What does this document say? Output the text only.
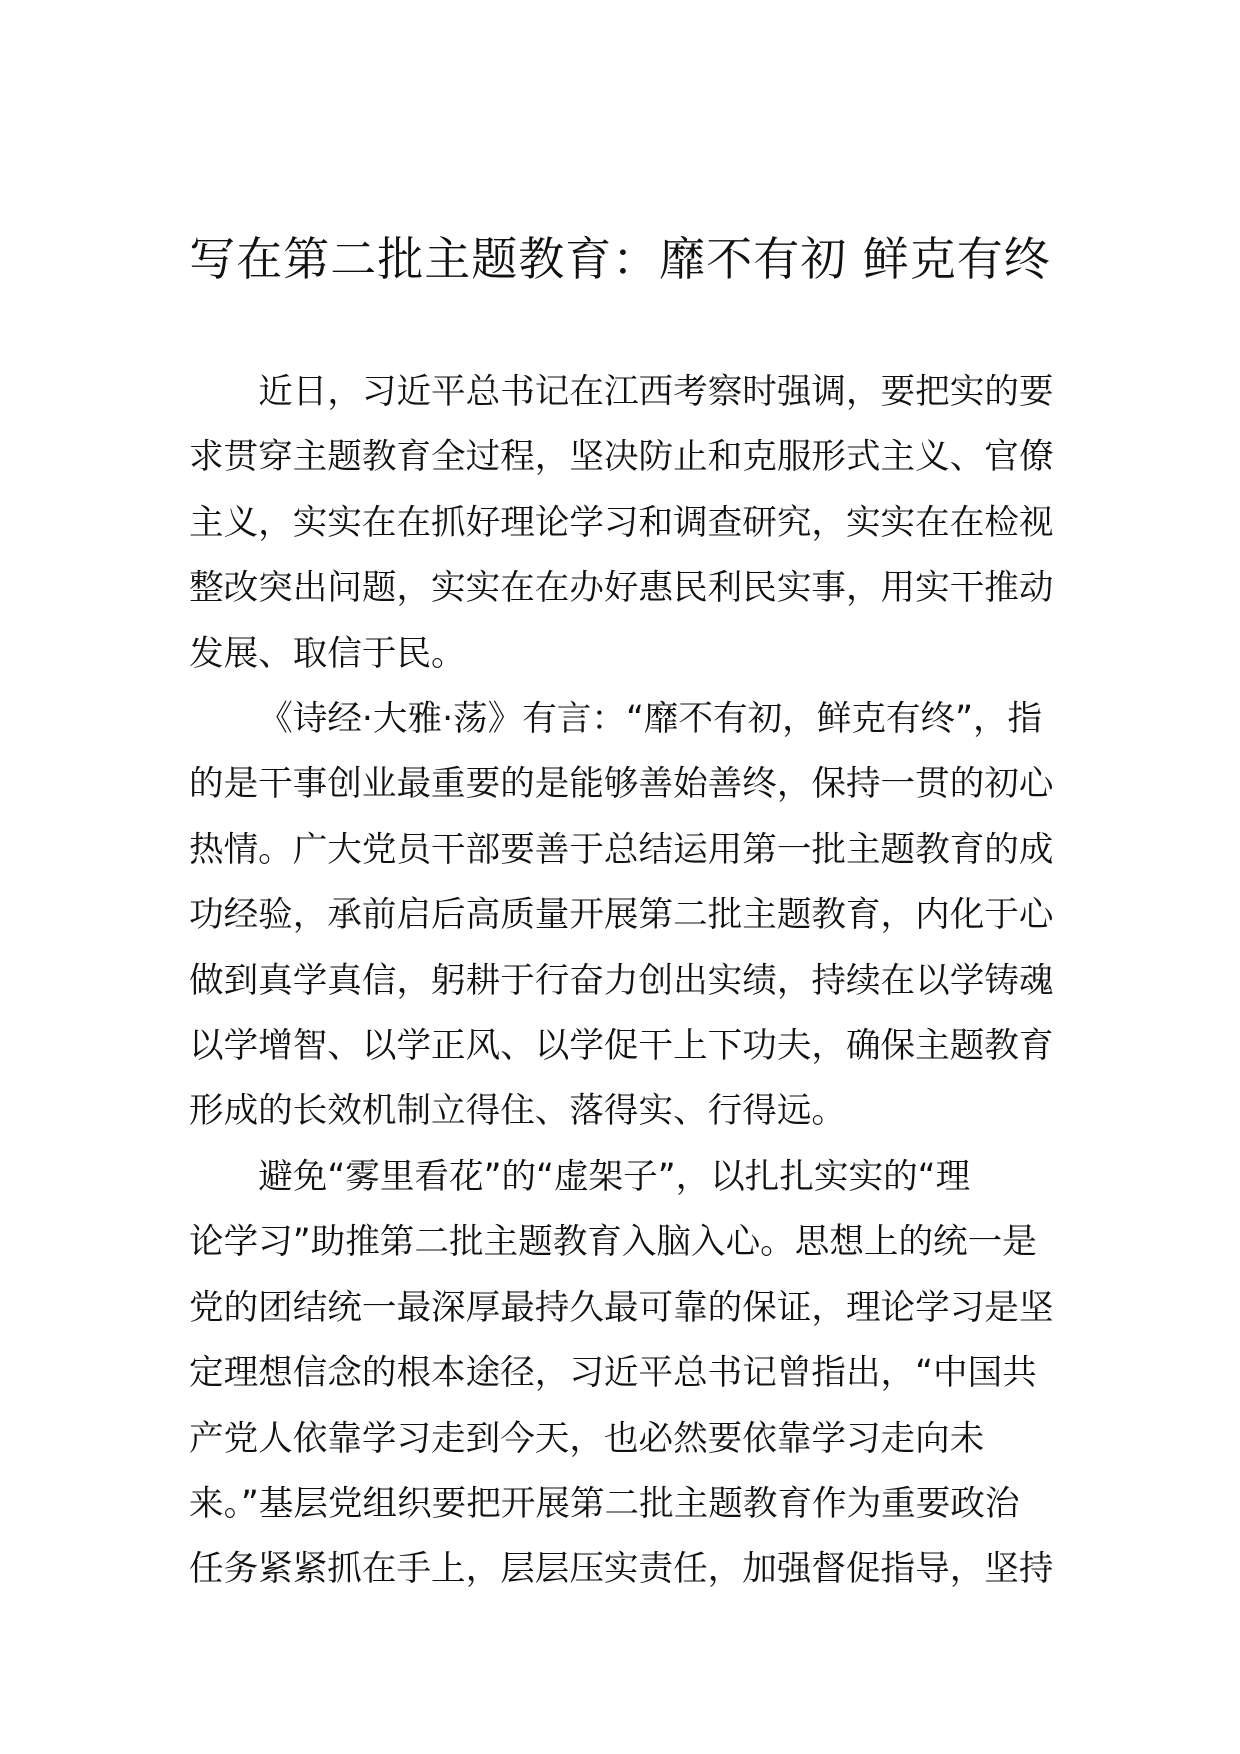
写在第二批主题教育：靡不有初 鲜克有终

近日，习近平总书记在江西考察时强调，要把实的要
求贯穿主题教育全过程，坚决防止和克服形式主义、官僚
主义，实实在在抓好理论学习和调查研究，实实在在检视
整改突出问题，实实在在办好惠民利民实事，用实干推动
发展、取信于民。

《诗经·大雅·荡》有言：“靡不有初，鲜克有终”，指
的是干事创业最重要的是能够善始善终，保持一贯的初心
热情。广大党员干部要善于总结运用第一批主题教育的成
功经验，承前启后高质量开展第二批主题教育，内化于心
做到真学真信，躬耕于行奋力创出实绩，持续在以学铸魂
以学增智、以学正风、以学促干上下功夫，确保主题教育
形成的长效机制立得住、落得实、行得远。

避免“雾里看花”的“虚架子”，以扎扎实实的“理
论学习”助推第二批主题教育入脑入心。思想上的统一是
党的团结统一最深厚最持久最可靠的保证，理论学习是坚
定理想信念的根本途径，习近平总书记曾指出，“中国共
产党人依靠学习走到今天，也必然要依靠学习走向未
来。”基层党组织要把开展第二批主题教育作为重要政治
任务紧紧抓在手上，层层压实责任，加强督促指导，坚持
